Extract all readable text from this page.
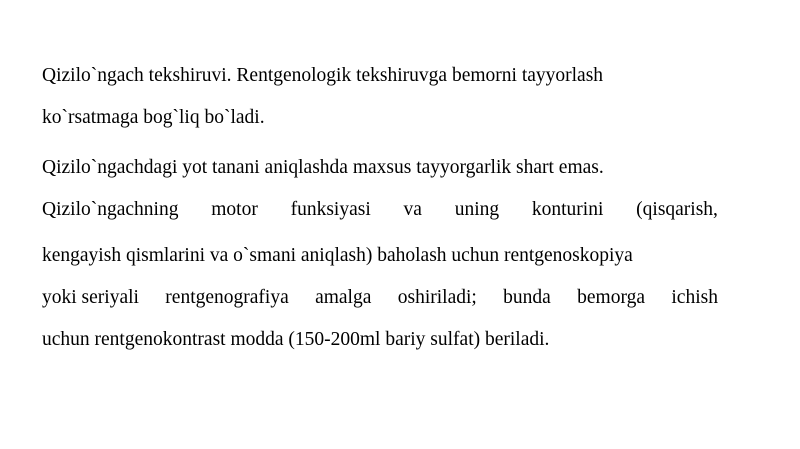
Qizilo`ngach tekshiruvi. Rentgenologik tekshiruvga bemorni tayyorlash
ko`rsatmaga bog`liq bo`ladi.
Qizilo`ngachdagi yot tanani aniqlashda maxsus tayyorgarlik shart emas.
Qizilo`ngachning motor funksiyasi va uning konturini (qisqarish,
kengayish qismlarini va o`smani aniqlash) baholash uchun rentgenoskopiya
yoki seriyali rentgenografiya amalga oshiriladi; bunda bemorga ichish
uchun rentgenokontrast modda (150-200ml bariy sulfat) beriladi.
